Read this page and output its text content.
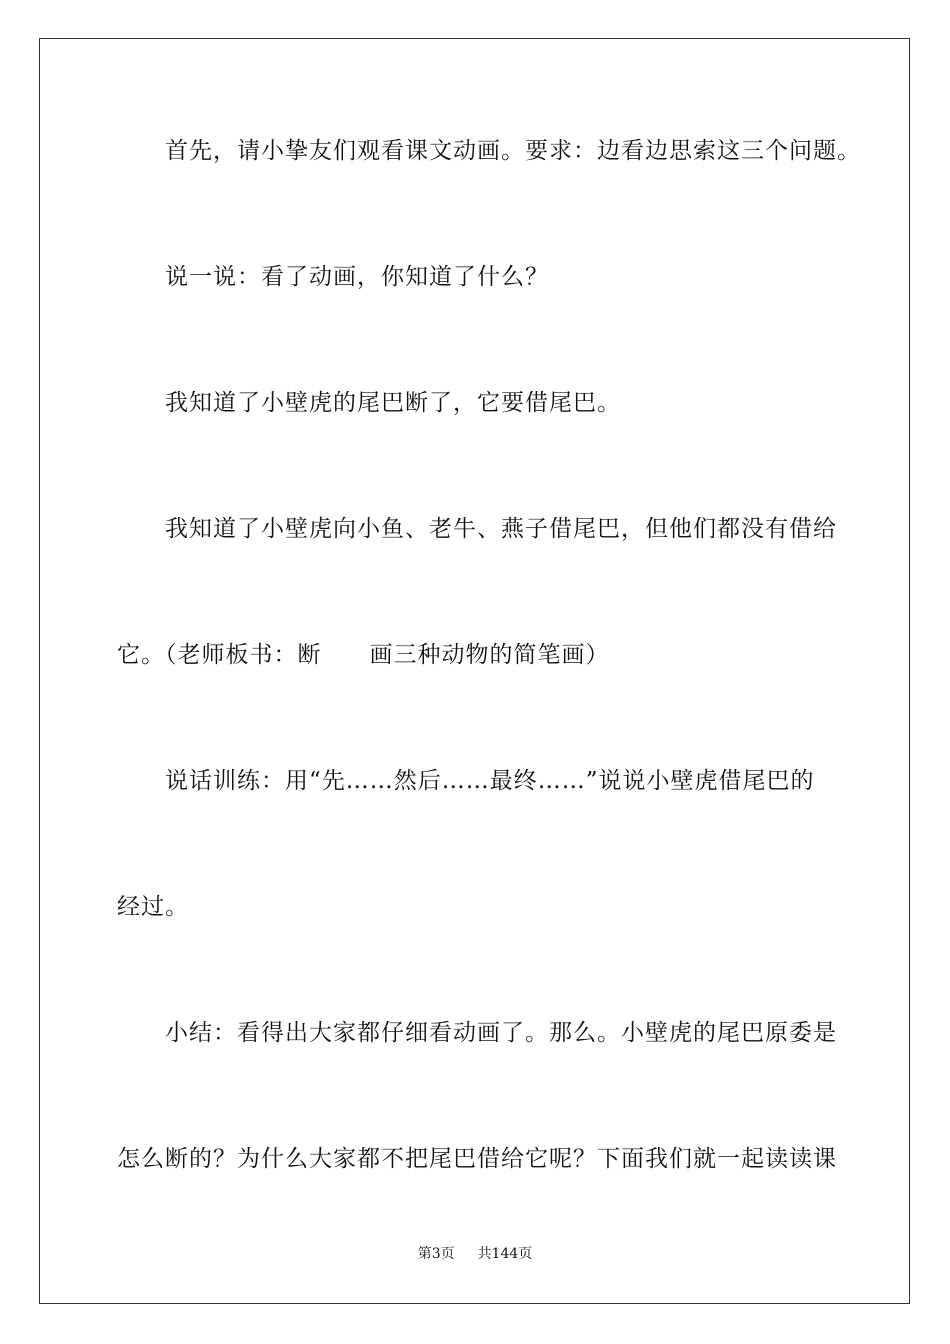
首先，请小挚友们观看课文动画。要求：边看边思索这三个问题。
说一说：看了动画，你知道了什么？
我知道了小壁虎的尾巴断了，它要借尾巴。
我知道了小壁虎向小鱼、老牛、燕子借尾巴，但他们都没有借给
它。（老师板书：断　　画三种动物的简笔画）
说话训练：用“先……然后……最终……”说说小壁虎借尾巴的
经过。
小结：看得出大家都仔细看动画了。那么。小壁虎的尾巴原委是
怎么断的？为什么大家都不把尾巴借给它呢？下面我们就一起读读课
第3页 共144页
